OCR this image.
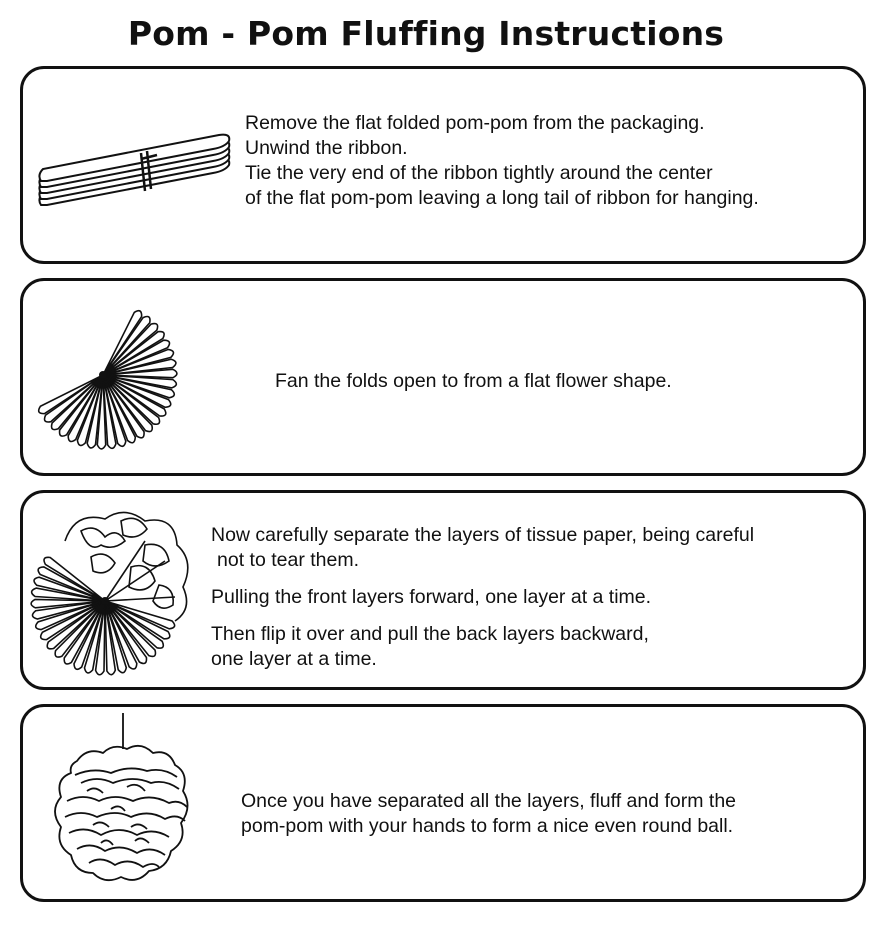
Pom - Pom Fluffing Instructions
Remove the flat folded pom-pom from the packaging.
Unwind the ribbon.
Tie the very end of the ribbon tightly around the center
of the flat pom-pom leaving a long tail of ribbon for hanging.
Fan the folds open to from a flat flower shape.
Now carefully separate the layers of tissue paper, being careful
not to tear them.
Pulling the front layers forward, one layer at a time.
Then flip it over and pull the back layers backward,
one layer at a time.
Once you have separated all the layers, fluff and form the
pom-pom with your hands to form a nice even round ball.
